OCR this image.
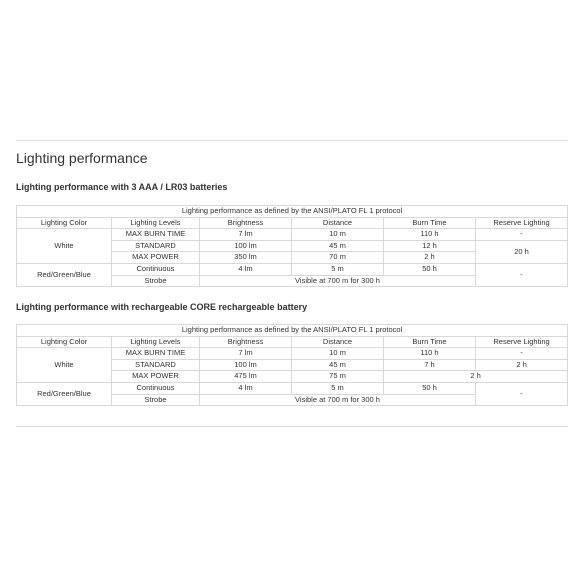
Lighting performance
Lighting performance with 3 AAA / LR03 batteries
Lighting performance as defined by the ANSI/PLATO FL 1 protocol					
Lighting Color	Lighting Levels	Brightness	Distance	Burn Time	Reserve Lighting
White	MAX BURN TIME	7 lm	10 m	110 h	-
	STANDARD	100 lm	45 m	12 h	20 h
	MAX POWER	350 lm	70 m	2 h	
Red/Green/Blue	Continuous	4 lm	5 m	50 h	-
	Strobe	Visible at 700 m for 300 h			
Lighting performance with rechargeable CORE rechargeable battery
Lighting performance as defined by the ANSI/PLATO FL 1 protocol					
Lighting Color	Lighting Levels	Brightness	Distance	Burn Time	Reserve Lighting
White	MAX BURN TIME	7 lm	10 m	110 h	-
	STANDARD	100 lm	45 m	7 h	2 h
	MAX POWER	475 lm	75 m	2 h	
Red/Green/Blue	Continuous	4 lm	5 m	50 h	-
	Strobe	Visible at 700 m for 300 h			
